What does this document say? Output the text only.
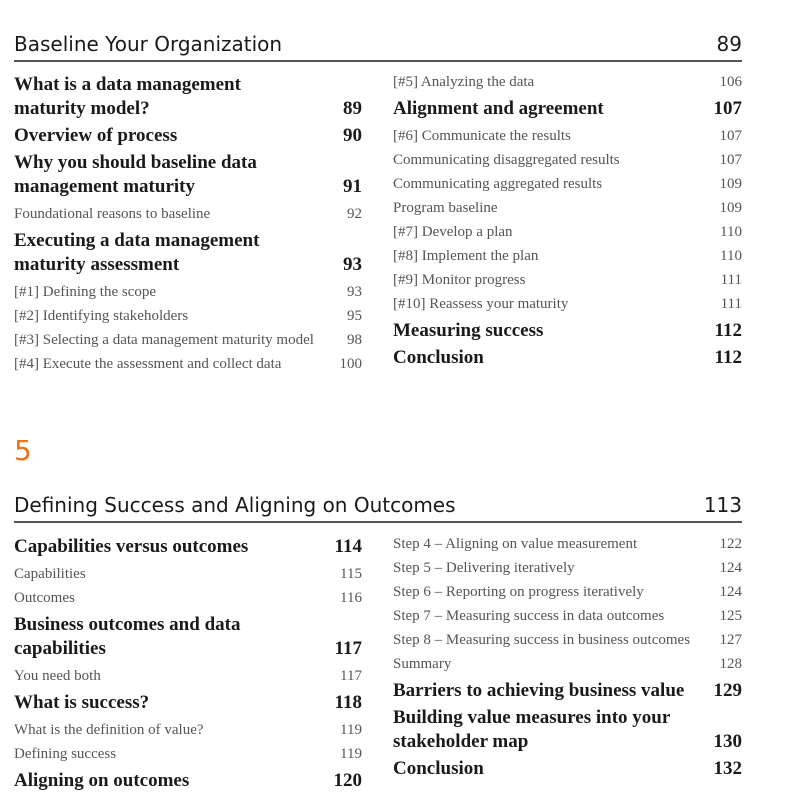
Baseline Your Organization	89
What is a data management maturity model?	89
Overview of process	90
Why you should baseline data management maturity	91
Foundational reasons to baseline	92
Executing a data management maturity assessment	93
[#1] Defining the scope	93
[#2] Identifying stakeholders	95
[#3] Selecting a data management maturity model	98
[#4] Execute the assessment and collect data	100
[#5] Analyzing the data	106
Alignment and agreement	107
[#6] Communicate the results	107
Communicating disaggregated results	107
Communicating aggregated results	109
Program baseline	109
[#7] Develop a plan	110
[#8] Implement the plan	110
[#9] Monitor progress	111
[#10] Reassess your maturity	111
Measuring success	112
Conclusion	112
5
Defining Success and Aligning on Outcomes	113
Capabilities versus outcomes	114
Capabilities	115
Outcomes	116
Business outcomes and data capabilities	117
You need both	117
What is success?	118
What is the definition of value?	119
Defining success	119
Aligning on outcomes	120
Step 4 – Aligning on value measurement	122
Step 5 – Delivering iteratively	124
Step 6 – Reporting on progress iteratively	124
Step 7 – Measuring success in data outcomes	125
Step 8 – Measuring success in business outcomes	127
Summary	128
Barriers to achieving business value	129
Building value measures into your stakeholder map	130
Conclusion	132
